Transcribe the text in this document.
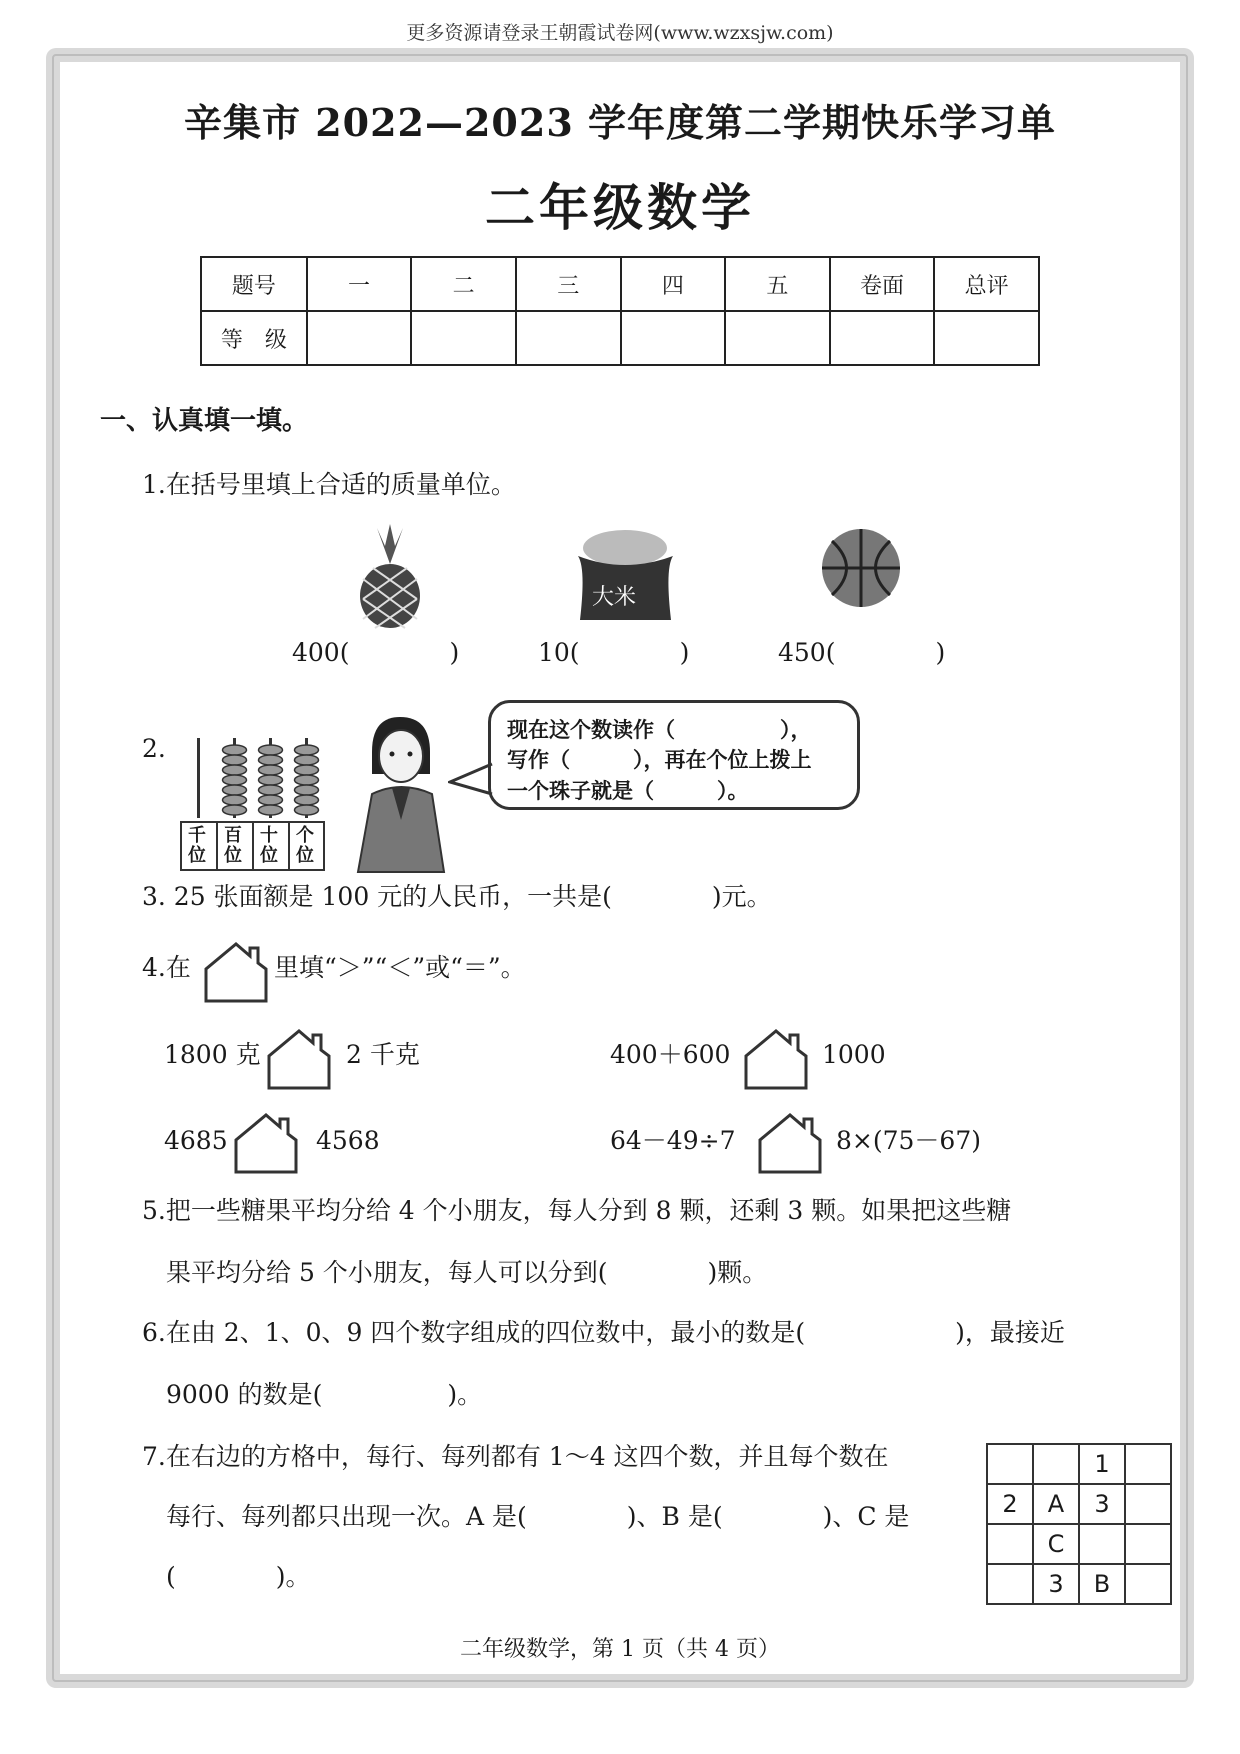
更多资源请登录王朝霞试卷网(www.wzxsjw.com)
辛集市 2022—2023 学年度第二学期快乐学习单
二年级数学
题号	一	二	三	四	五	卷面	总评
等　级							
一、认真填一填。
1.在括号里填上合适的质量单位。
大米
400(　　　　)	10(　　　　)	450(　　　　)
2.
千位
百位
十位
个位
现在这个数读作（　　　　　），
写作（　　　），再在个位上拨上
一个珠子就是（　　　）。
3. 25 张面额是 100 元的人民币，一共是(　　　　)元。
4.在	里填“＞”“＜”或“＝”。
1800 克	2 千克	400＋600	1000
4685	4568	64－49÷7	8×(75－67)
5.把一些糖果平均分给 4 个小朋友，每人分到 8 颗，还剩 3 颗。如果把这些糖
果平均分给 5 个小朋友，每人可以分到(　　　　)颗。
6.在由 2、1、0、9 四个数字组成的四位数中，最小的数是(　　　　　　)，最接近
9000 的数是(　　　　　)。
7.在右边的方格中，每行、每列都有 1～4 这四个数，并且每个数在
每行、每列都只出现一次。A 是(　　　　)、B 是(　　　　)、C 是
(　　　　)。
		1	
2	A	3	
	C		
	3	B	
二年级数学，第 1 页（共 4 页）
